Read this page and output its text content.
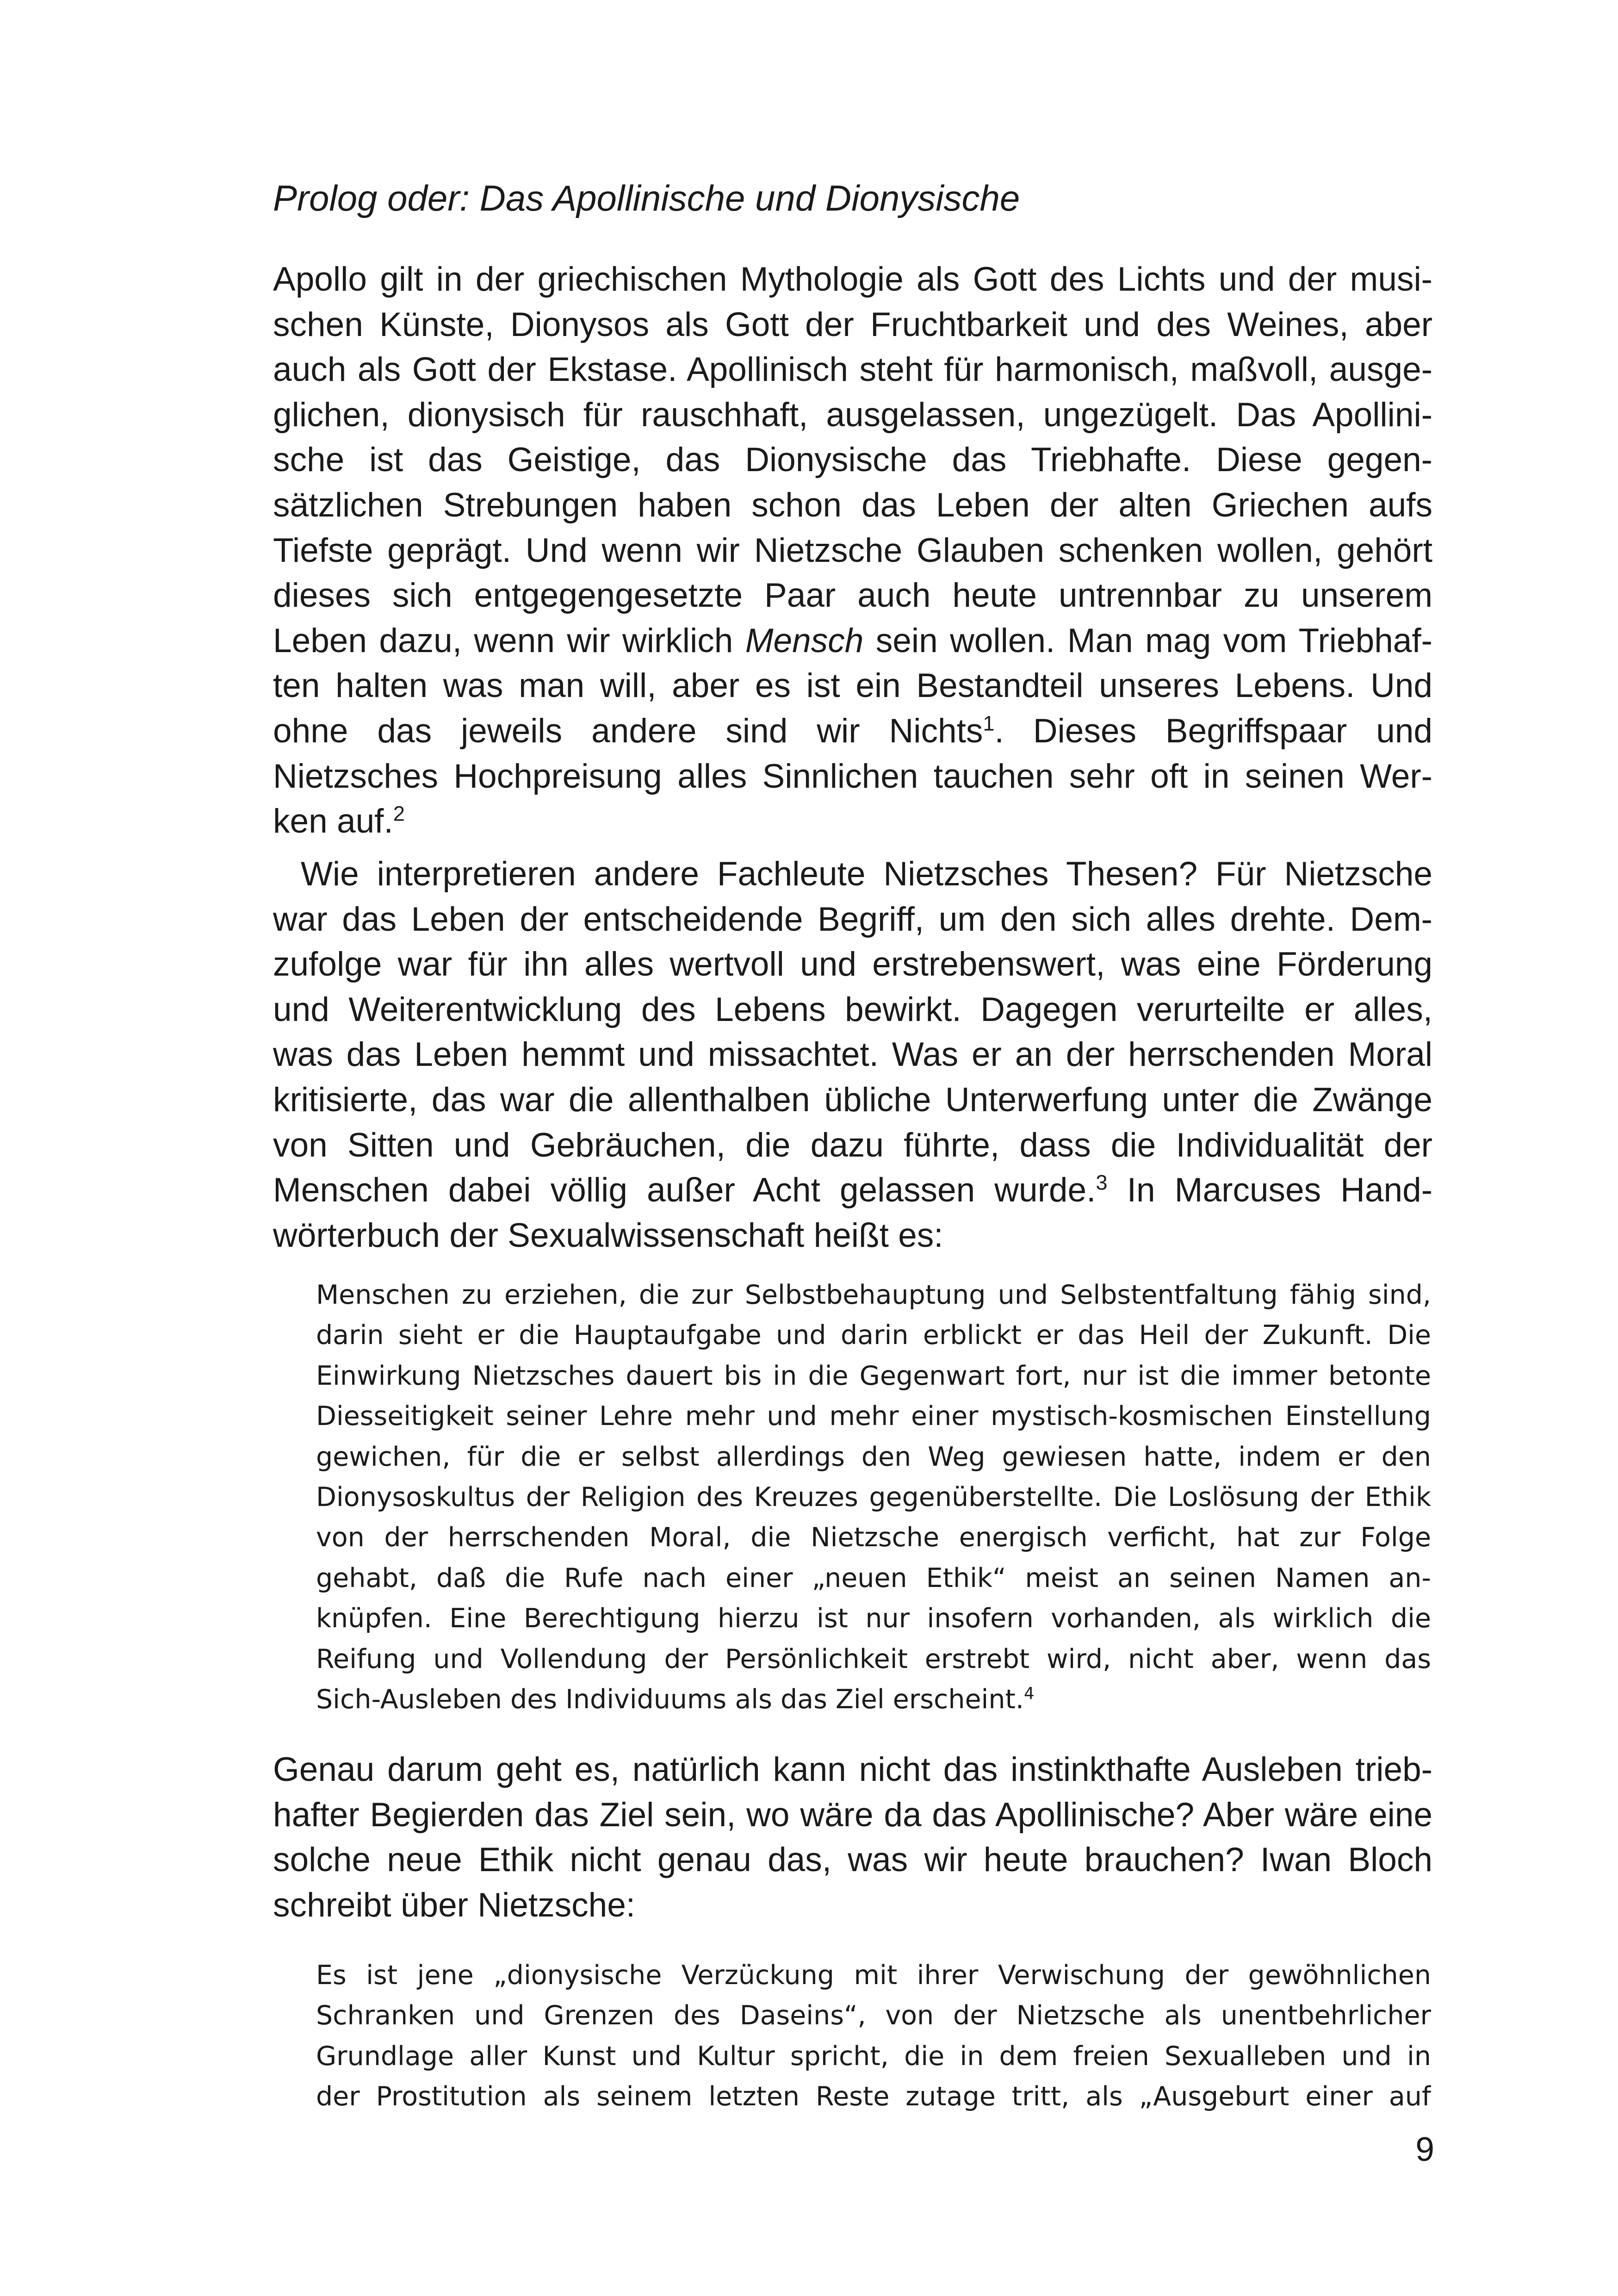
Prolog oder: Das Apollinische und Dionysische
Apollo gilt in der griechischen Mythologie als Gott des Lichts und der musi-
schen Künste, Dionysos als Gott der Fruchtbarkeit und des Weines, aber
auch als Gott der Ekstase. Apollinisch steht für harmonisch, maßvoll, ausge-
glichen, dionysisch für rauschhaft, ausgelassen, ungezügelt. Das Apollini-
sche ist das Geistige, das Dionysische das Triebhafte. Diese gegen-
sätzlichen Strebungen haben schon das Leben der alten Griechen aufs
Tiefste geprägt. Und wenn wir Nietzsche Glauben schenken wollen, gehört
dieses sich entgegengesetzte Paar auch heute untrennbar zu unserem
Leben dazu, wenn wir wirklich Mensch sein wollen. Man mag vom Triebhaf-
ten halten was man will, aber es ist ein Bestandteil unseres Lebens. Und
ohne das jeweils andere sind wir Nichts$^1$. Dieses Begriffspaar und
Nietzsches Hochpreisung alles Sinnlichen tauchen sehr oft in seinen Wer-
ken auf.$^2$
Wie interpretieren andere Fachleute Nietzsches Thesen? Für Nietzsche
war das Leben der entscheidende Begriff, um den sich alles drehte. Dem-
zufolge war für ihn alles wertvoll und erstrebenswert, was eine Förderung
und Weiterentwicklung des Lebens bewirkt. Dagegen verurteilte er alles,
was das Leben hemmt und missachtet. Was er an der herrschenden Moral
kritisierte, das war die allenthalben übliche Unterwerfung unter die Zwänge
von Sitten und Gebräuchen, die dazu führte, dass die Individualität der
Menschen dabei völlig außer Acht gelassen wurde.$^3$ In Marcuses Hand-
wörterbuch der Sexualwissenschaft heißt es:
Menschen zu erziehen, die zur Selbstbehauptung und Selbstentfaltung fähig sind,
darin sieht er die Hauptaufgabe und darin erblickt er das Heil der Zukunft. Die
Einwirkung Nietzsches dauert bis in die Gegenwart fort, nur ist die immer betonte
Diesseitigkeit seiner Lehre mehr und mehr einer mystisch-kosmischen Einstellung
gewichen, für die er selbst allerdings den Weg gewiesen hatte, indem er den
Dionysoskultus der Religion des Kreuzes gegenüberstellte. Die Loslösung der Ethik
von der herrschenden Moral, die Nietzsche energisch verficht, hat zur Folge
gehabt, daß die Rufe nach einer „neuen Ethik“ meist an seinen Namen an-
knüpfen. Eine Berechtigung hierzu ist nur insofern vorhanden, als wirklich die
Reifung und Vollendung der Persönlichkeit erstrebt wird, nicht aber, wenn das
Sich-Ausleben des Individuums als das Ziel erscheint.$^4$
Genau darum geht es, natürlich kann nicht das instinkthafte Ausleben trieb-
hafter Begierden das Ziel sein, wo wäre da das Apollinische? Aber wäre eine
solche neue Ethik nicht genau das, was wir heute brauchen? Iwan Bloch
schreibt über Nietzsche:
Es ist jene „dionysische Verzückung mit ihrer Verwischung der gewöhnlichen
Schranken und Grenzen des Daseins“, von der Nietzsche als unentbehrlicher
Grundlage aller Kunst und Kultur spricht, die in dem freien Sexualleben und in
der Prostitution als seinem letzten Reste zutage tritt, als „Ausgeburt einer auf
9
